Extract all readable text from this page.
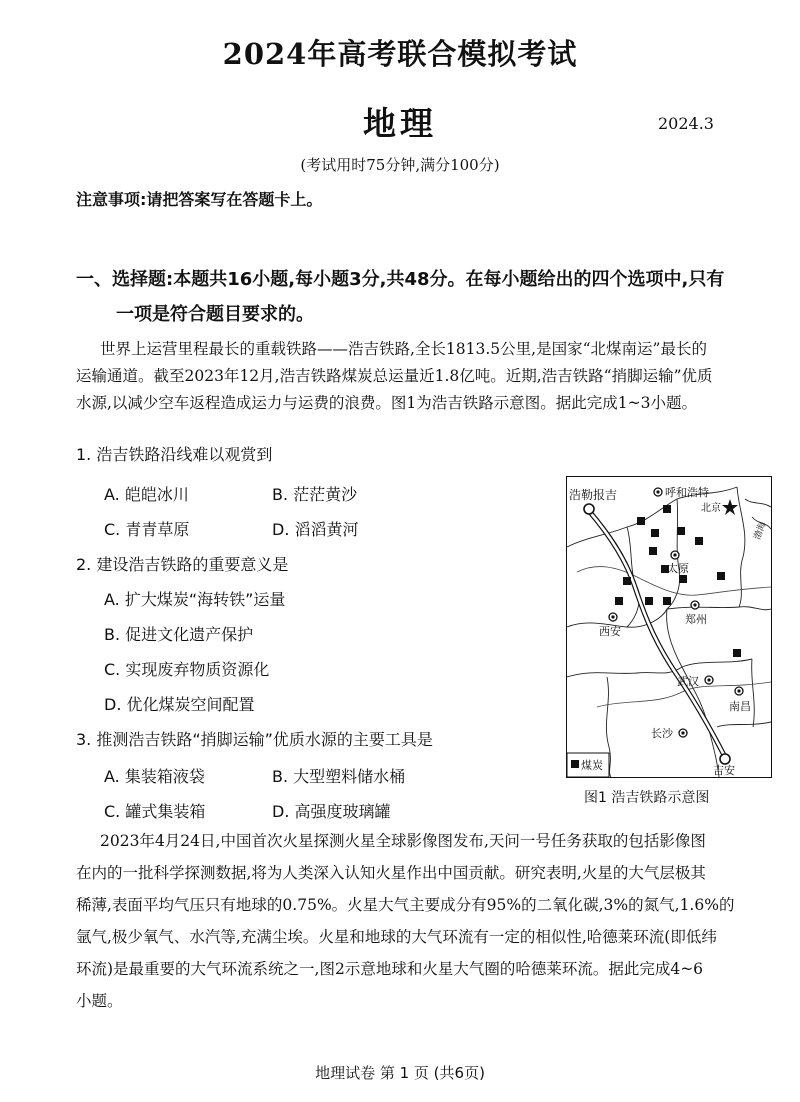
2024年高考联合模拟考试
地理	2024.3
(考试用时75分钟,满分100分)
注意事项:请把答案写在答题卡上。
一、选择题:本题共16小题,每小题3分,共48分。在每小题给出的四个选项中,只有
一项是符合题目要求的。
世界上运营里程最长的重载铁路——浩吉铁路,全长1813.5公里,是国家“北煤南运”最长的
运输通道。截至2023年12月,浩吉铁路煤炭总运量近1.8亿吨。近期,浩吉铁路“捎脚运输”优质
水源,以减少空车返程造成运力与运费的浪费。图1为浩吉铁路示意图。据此完成1~3小题。
1. 浩吉铁路沿线难以观赏到
A. 皑皑冰川	B. 茫茫黄沙
C. 青青草原	D. 滔滔黄河
2. 建设浩吉铁路的重要意义是
A. 扩大煤炭“海转铁”运量
B. 促进文化遗产保护
C. 实现废弃物质资源化
D. 优化煤炭空间配置
3. 推测浩吉铁路“捎脚运输”优质水源的主要工具是
A. 集装箱液袋	B. 大型塑料储水桶
C. 罐式集装箱	D. 高强度玻璃罐
浩勒报吉	呼和浩特
北京
渤海
太原
西安
郑州
武汉
南昌
长沙
吉安
煤炭
图1 浩吉铁路示意图
2023年4月24日,中国首次火星探测火星全球影像图发布,天问一号任务获取的包括影像图
在内的一批科学探测数据,将为人类深入认知火星作出中国贡献。研究表明,火星的大气层极其
稀薄,表面平均气压只有地球的0.75%。火星大气主要成分有95%的二氧化碳,3%的氮气,1.6%的
氩气,极少氧气、水汽等,充满尘埃。火星和地球的大气环流有一定的相似性,哈德莱环流(即低纬
环流)是最重要的大气环流系统之一,图2示意地球和火星大气圈的哈德莱环流。据此完成4~6
小题。
地理试卷 第 1 页 (共6页)
